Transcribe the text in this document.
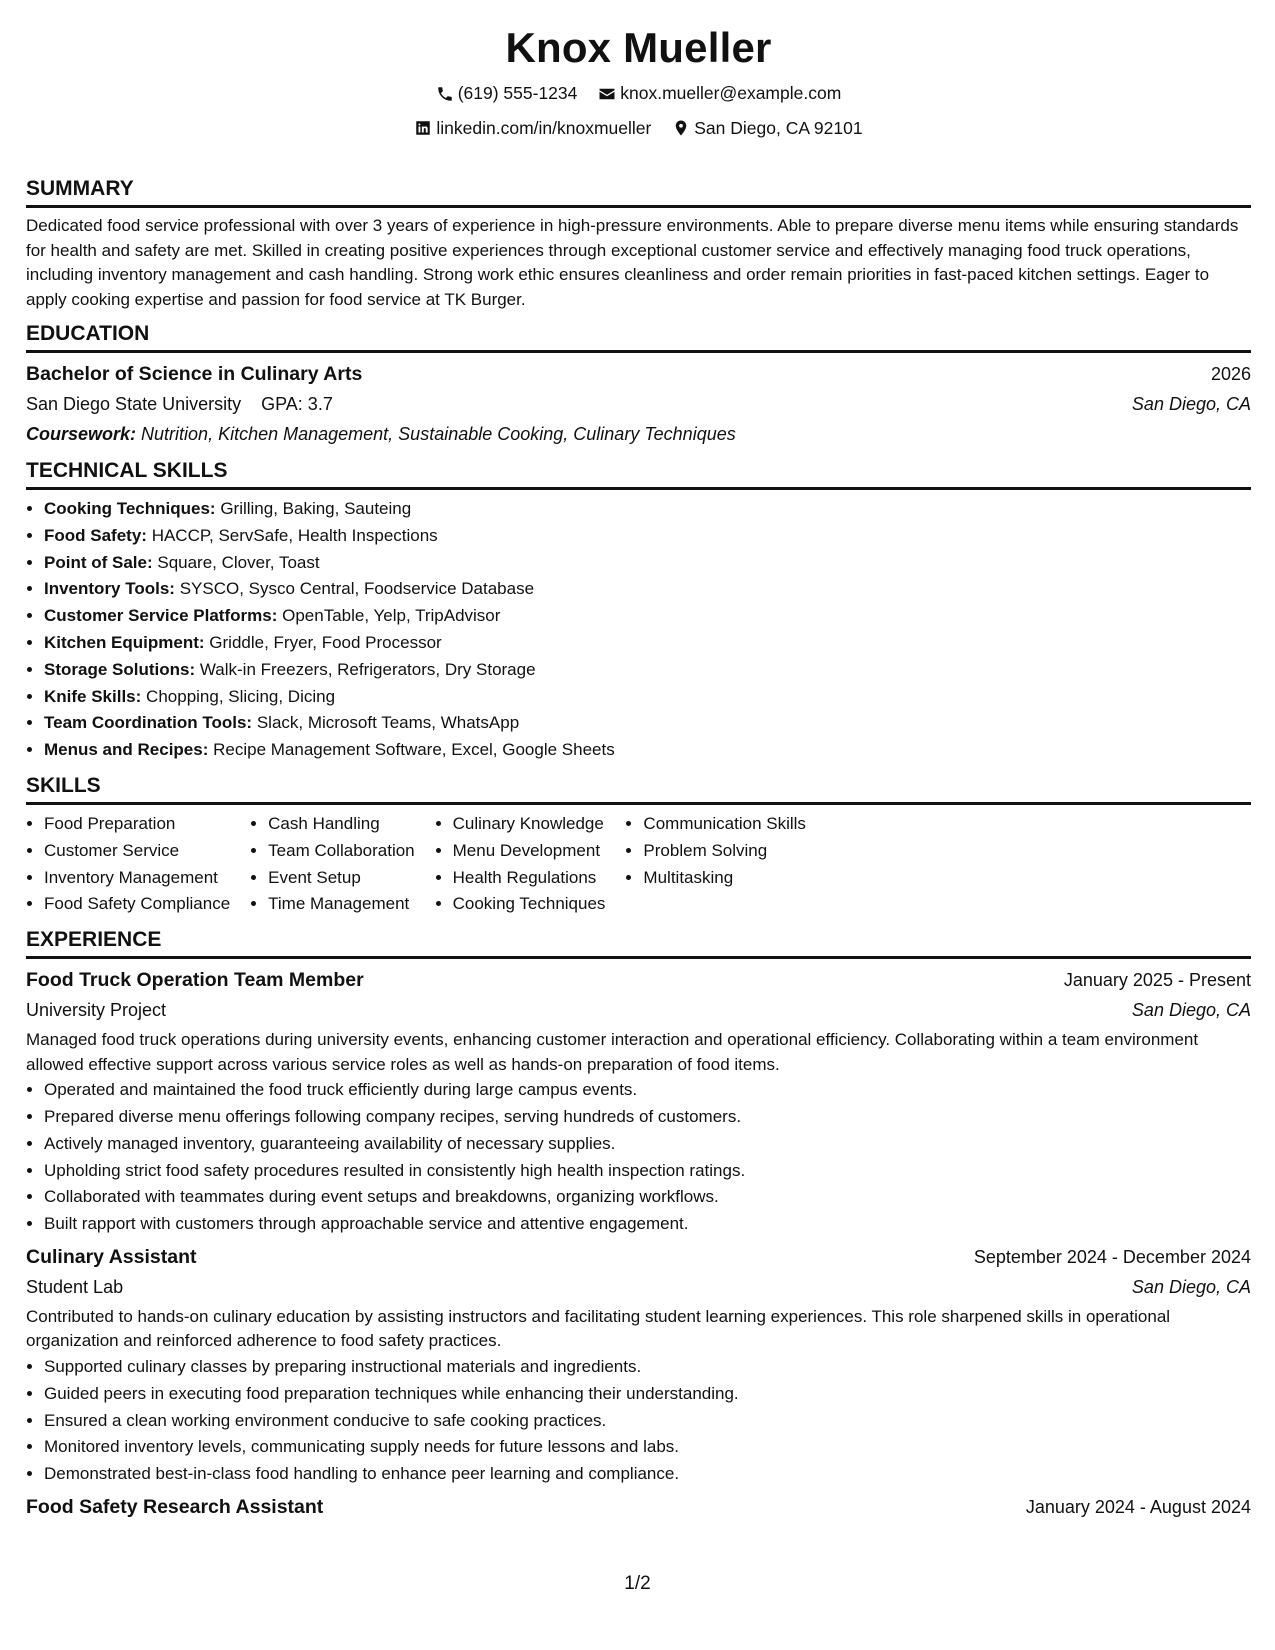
Knox Mueller
(619) 555-1234
knox.mueller@example.com
linkedin.com/in/knoxmueller
San Diego, CA 92101
SUMMARY
Dedicated food service professional with over 3 years of experience in high-pressure environments. Able to prepare diverse menu items while ensuring standards for health and safety are met. Skilled in creating positive experiences through exceptional customer service and effectively managing food truck operations, including inventory management and cash handling. Strong work ethic ensures cleanliness and order remain priorities in fast-paced kitchen settings. Eager to apply cooking expertise and passion for food service at TK Burger.
EDUCATION
Bachelor of Science in Culinary Arts	2026
San Diego State University GPA: 3.7	San Diego, CA
Coursework: Nutrition, Kitchen Management, Sustainable Cooking, Culinary Techniques
TECHNICAL SKILLS
• Cooking Techniques: Grilling, Baking, Sauteing
• Food Safety: HACCP, ServSafe, Health Inspections
• Point of Sale: Square, Clover, Toast
• Inventory Tools: SYSCO, Sysco Central, Foodservice Database
• Customer Service Platforms: OpenTable, Yelp, TripAdvisor
• Kitchen Equipment: Griddle, Fryer, Food Processor
• Storage Solutions: Walk-in Freezers, Refrigerators, Dry Storage
• Knife Skills: Chopping, Slicing, Dicing
• Team Coordination Tools: Slack, Microsoft Teams, WhatsApp
• Menus and Recipes: Recipe Management Software, Excel, Google Sheets
SKILLS
• Food Preparation
• Customer Service
• Inventory Management
• Food Safety Compliance
• Cash Handling
• Team Collaboration
• Event Setup
• Time Management
• Culinary Knowledge
• Menu Development
• Health Regulations
• Cooking Techniques
• Communication Skills
• Problem Solving
• Multitasking
EXPERIENCE
Food Truck Operation Team Member	January 2025 - Present
University Project	San Diego, CA
Managed food truck operations during university events, enhancing customer interaction and operational efficiency. Collaborating within a team environment allowed effective support across various service roles as well as hands-on preparation of food items.
• Operated and maintained the food truck efficiently during large campus events.
• Prepared diverse menu offerings following company recipes, serving hundreds of customers.
• Actively managed inventory, guaranteeing availability of necessary supplies.
• Upholding strict food safety procedures resulted in consistently high health inspection ratings.
• Collaborated with teammates during event setups and breakdowns, organizing workflows.
• Built rapport with customers through approachable service and attentive engagement.
Culinary Assistant	September 2024 - December 2024
Student Lab	San Diego, CA
Contributed to hands-on culinary education by assisting instructors and facilitating student learning experiences. This role sharpened skills in operational organization and reinforced adherence to food safety practices.
• Supported culinary classes by preparing instructional materials and ingredients.
• Guided peers in executing food preparation techniques while enhancing their understanding.
• Ensured a clean working environment conducive to safe cooking practices.
• Monitored inventory levels, communicating supply needs for future lessons and labs.
• Demonstrated best-in-class food handling to enhance peer learning and compliance.
Food Safety Research Assistant	January 2024 - August 2024
1/2
